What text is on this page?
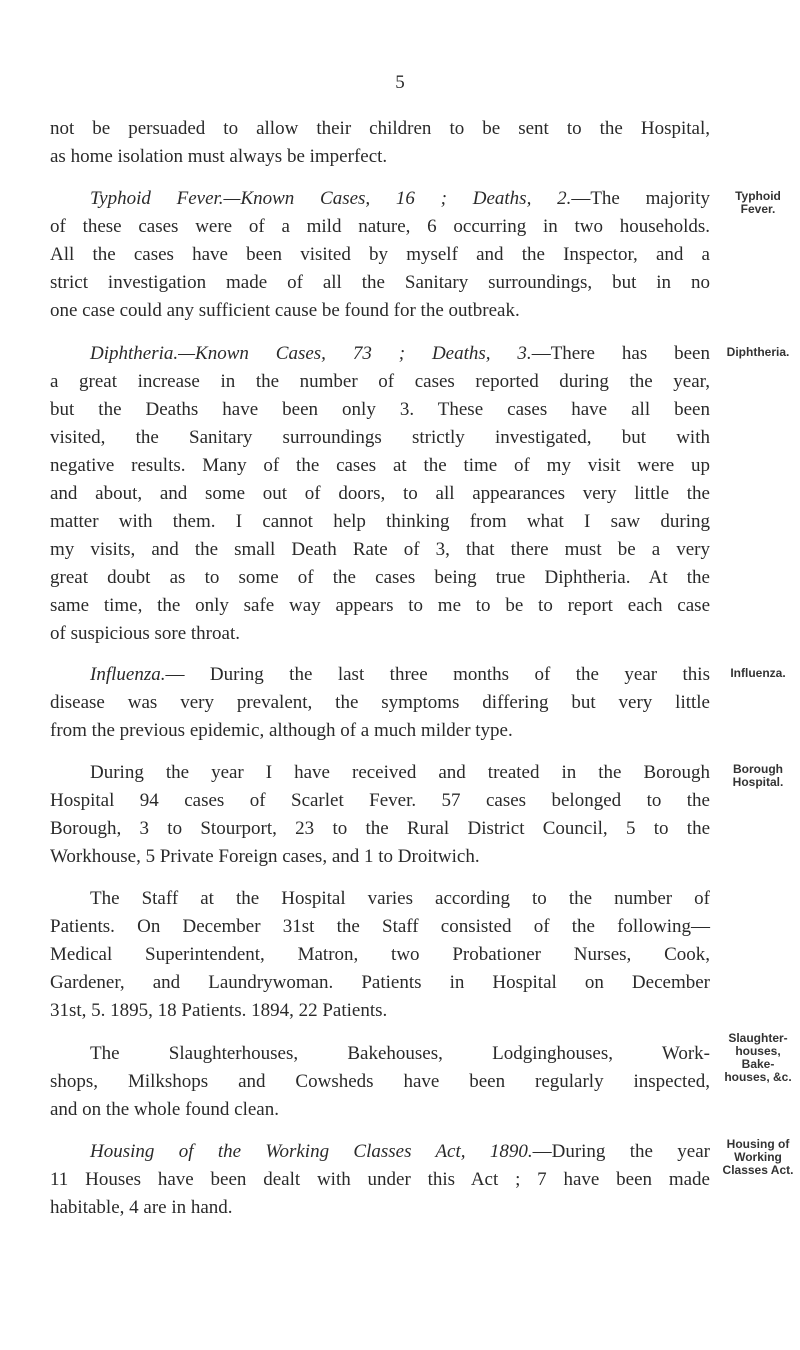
5

not be persuaded to allow their children to be sent to the Hospital,
as home isolation must always be imperfect.

Typhoid Fever.—Known Cases, 16 ; Deaths, 2.—The majority
of these cases were of a mild nature, 6 occurring in two households.
All the cases have been visited by myself and the Inspector, and a
strict investigation made of all the Sanitary surroundings, but in no
one case could any sufficient cause be found for the outbreak.

Typhoid
Fever.

Diphtheria.—Known Cases, 73 ; Deaths, 3.—There has been
a great increase in the number of cases reported during the year,
but the Deaths have been only 3. These cases have all been
visited, the Sanitary surroundings strictly investigated, but with
negative results. Many of the cases at the time of my visit were up
and about, and some out of doors, to all appearances very little the
matter with them. I cannot help thinking from what I saw during
my visits, and the small Death Rate of 3, that there must be a very
great doubt as to some of the cases being true Diphtheria. At the
same time, the only safe way appears to me to be to report each case
of suspicious sore throat.

Diphtheria.

Influenza.— During the last three months of the year this
disease was very prevalent, the symptoms differing but very little
from the previous epidemic, although of a much milder type.

Influenza.

During the year I have received and treated in the Borough
Hospital 94 cases of Scarlet Fever. 57 cases belonged to the
Borough, 3 to Stourport, 23 to the Rural District Council, 5 to the
Workhouse, 5 Private Foreign cases, and 1 to Droitwich.

Borough
Hospital.

The Staff at the Hospital varies according to the number of
Patients. On December 31st the Staff consisted of the following—
Medical Superintendent, Matron, two Probationer Nurses, Cook,
Gardener, and Laundrywoman. Patients in Hospital on December
31st, 5. 1895, 18 Patients. 1894, 22 Patients.

The Slaughterhouses, Bakehouses, Lodginghouses, Work-
shops, Milkshops and Cowsheds have been regularly inspected,
and on the whole found clean.

Slaughter-
houses,
Bake-
houses, &c.

Housing of the Working Classes Act, 1890.—During the year
11 Houses have been dealt with under this Act ; 7 have been made
habitable, 4 are in hand.

Housing of
Working
Classes Act.
